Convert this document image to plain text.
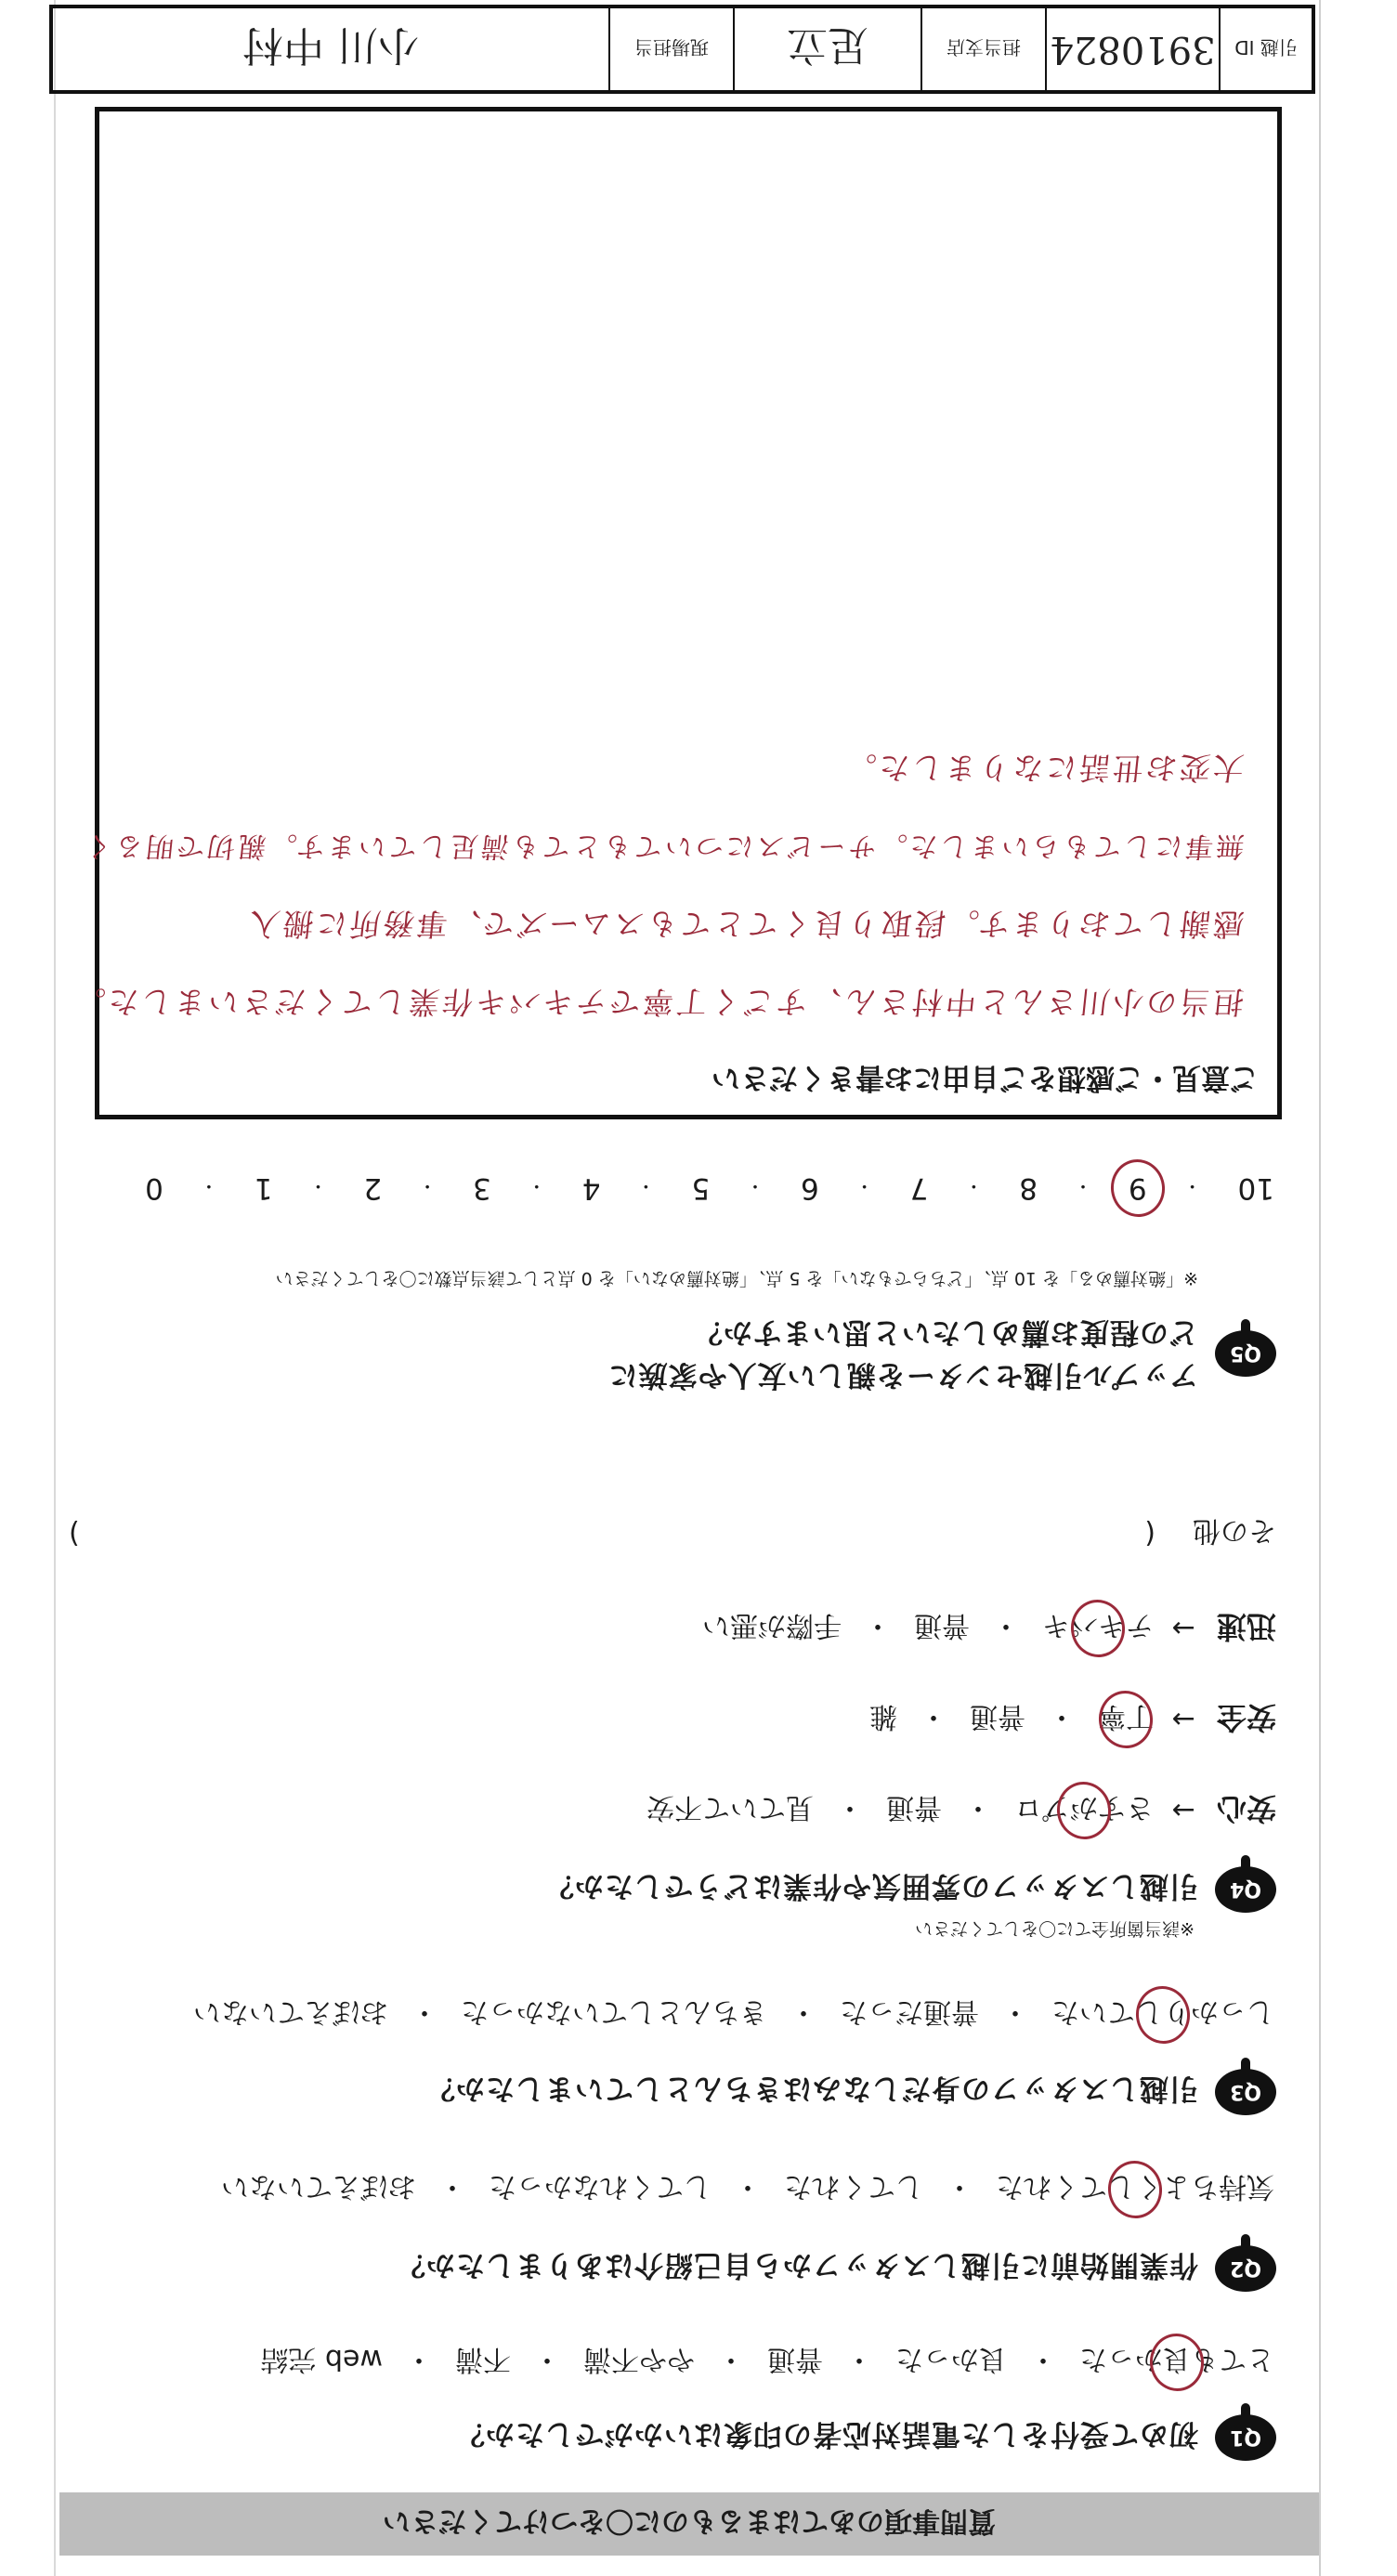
質問事項のあてはまるものに〇をつけてください
Q1
初めて受付をした電話対応者の印象はいかがでしたか？
とても良かった
・
良かった
・
普通
・
やや不満
・
不満
・
web 完結
Q2
作業開始前に引越しスタッフから自己紹介はありましたか？
気持ちよくしてくれた
・
してくれた
・
してくれなかった
・
おぼえていない
Q3
引越しスタッフの身だしなみはきちんとしていましたか？
しっかりしていた
・
普通だった
・
きちんとしていなかった
・
おぼえていない
Q4
引越しスタッフの雰囲気や作業はどうでしたか？
※該当箇所全てに〇をしてください
安心
→
さすがプロ
・
普通
・
見ていて不安
安全
→
丁寧
・
普通
・
雑
迅速
→
テキパキ
・
普通
・
手際が悪い
その他
(
)
Q5
アップル引越センターを親しい友人や家族に
どの程度お薦めしたいと思いますか？
※「絶対薦める」を 10 点、「どちらでもない」を 5 点、「絶対薦めない」を 0 点として該当点数に〇をしてください
10
・
9
・
8
・
7
・
6
・
5
・
4
・
3
・
2
・
1
・
0
ご意見・ご感想をご自由にお書きください
担当の小川さんと中村さん、すごく丁寧でテキパキ作業してくださいました。
感謝しております。段取り良くてとてもスムーズで、事務所に搬入
無事にしてもらいました。サービスについてもとても満足しています。親切で明るく
大変お世話になりました。
引越 ID
3910824
担当支店
足立
現場担当
小川 中村
